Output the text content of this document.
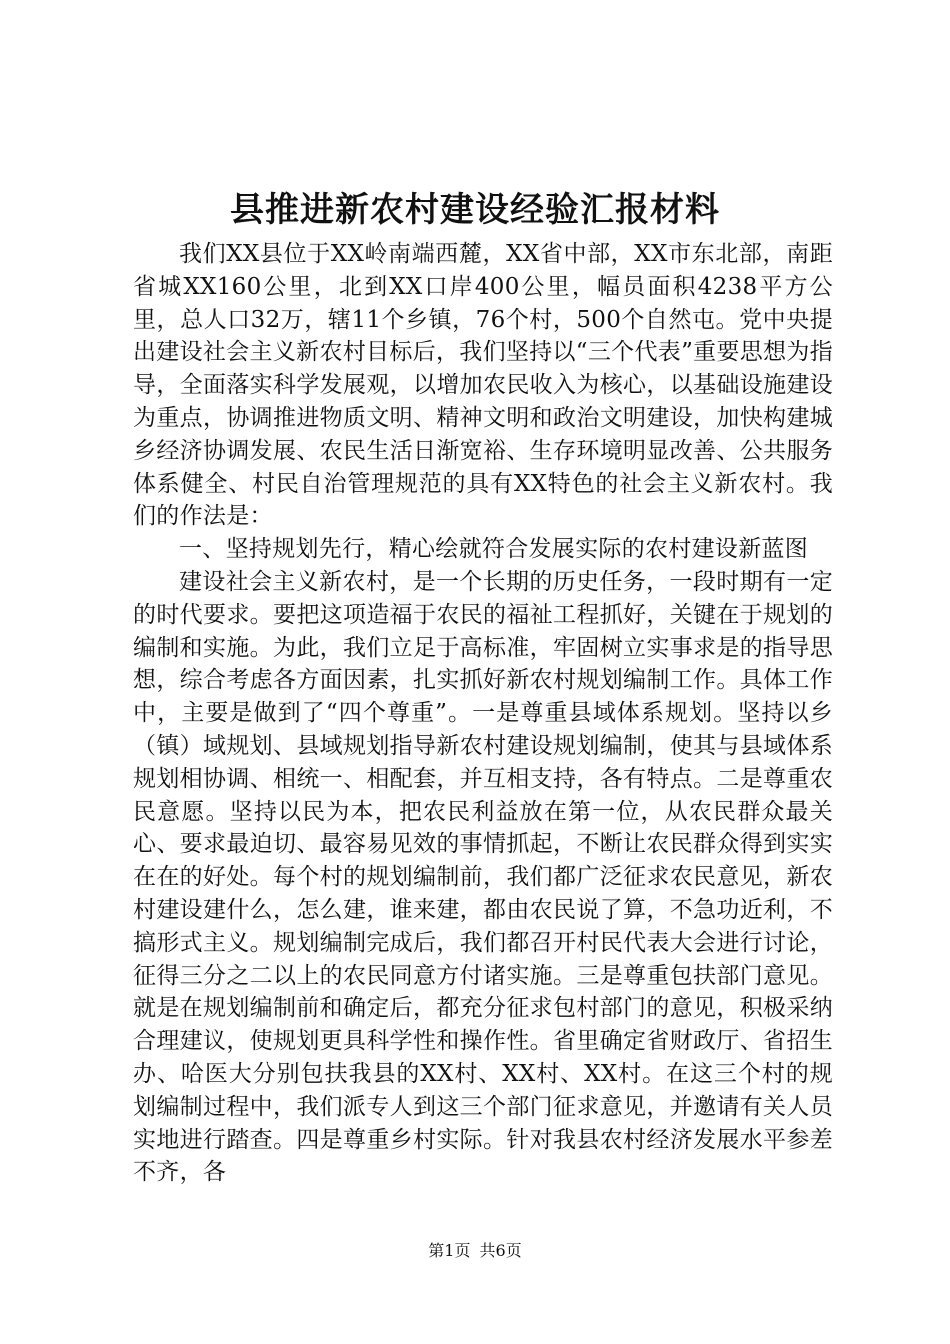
县推进新农村建设经验汇报材料

我们XX县位于XX岭南端西麓，XX省中部，XX市东北部，南距省城XX160公里，北到XX口岸400公里，幅员面积4238平方公里，总人口32万，辖11个乡镇，76个村，500个自然屯。党中央提出建设社会主义新农村目标后，我们坚持以“三个代表”重要思想为指导，全面落实科学发展观，以增加农民收入为核心，以基础设施建设为重点，协调推进物质文明、精神文明和政治文明建设，加快构建城乡经济协调发展、农民生活日渐宽裕、生存环境明显改善、公共服务体系健全、村民自治管理规范的具有XX特色的社会主义新农村。我们的作法是：

一、坚持规划先行，精心绘就符合发展实际的农村建设新蓝图

建设社会主义新农村，是一个长期的历史任务，一段时期有一定的时代要求。要把这项造福于农民的福祉工程抓好，关键在于规划的编制和实施。为此，我们立足于高标准，牢固树立实事求是的指导思想，综合考虑各方面因素，扎实抓好新农村规划编制工作。具体工作中，主要是做到了“四个尊重”。一是尊重县域体系规划。坚持以乡（镇）域规划、县域规划指导新农村建设规划编制，使其与县域体系规划相协调、相统一、相配套，并互相支持，各有特点。二是尊重农民意愿。坚持以民为本，把农民利益放在第一位，从农民群众最关心、要求最迫切、最容易见效的事情抓起，不断让农民群众得到实实在在的好处。每个村的规划编制前，我们都广泛征求农民意见，新农村建设建什么，怎么建，谁来建，都由农民说了算，不急功近利，不搞形式主义。规划编制完成后，我们都召开村民代表大会进行讨论，征得三分之二以上的农民同意方付诸实施。三是尊重包扶部门意见。就是在规划编制前和确定后，都充分征求包村部门的意见，积极采纳合理建议，使规划更具科学性和操作性。省里确定省财政厅、省招生办、哈医大分别包扶我县的XX村、XX村、XX村。在这三个村的规划编制过程中，我们派专人到这三个部门征求意见，并邀请有关人员实地进行踏查。四是尊重乡村实际。针对我县农村经济发展水平参差不齐，各

第1页 共6页
